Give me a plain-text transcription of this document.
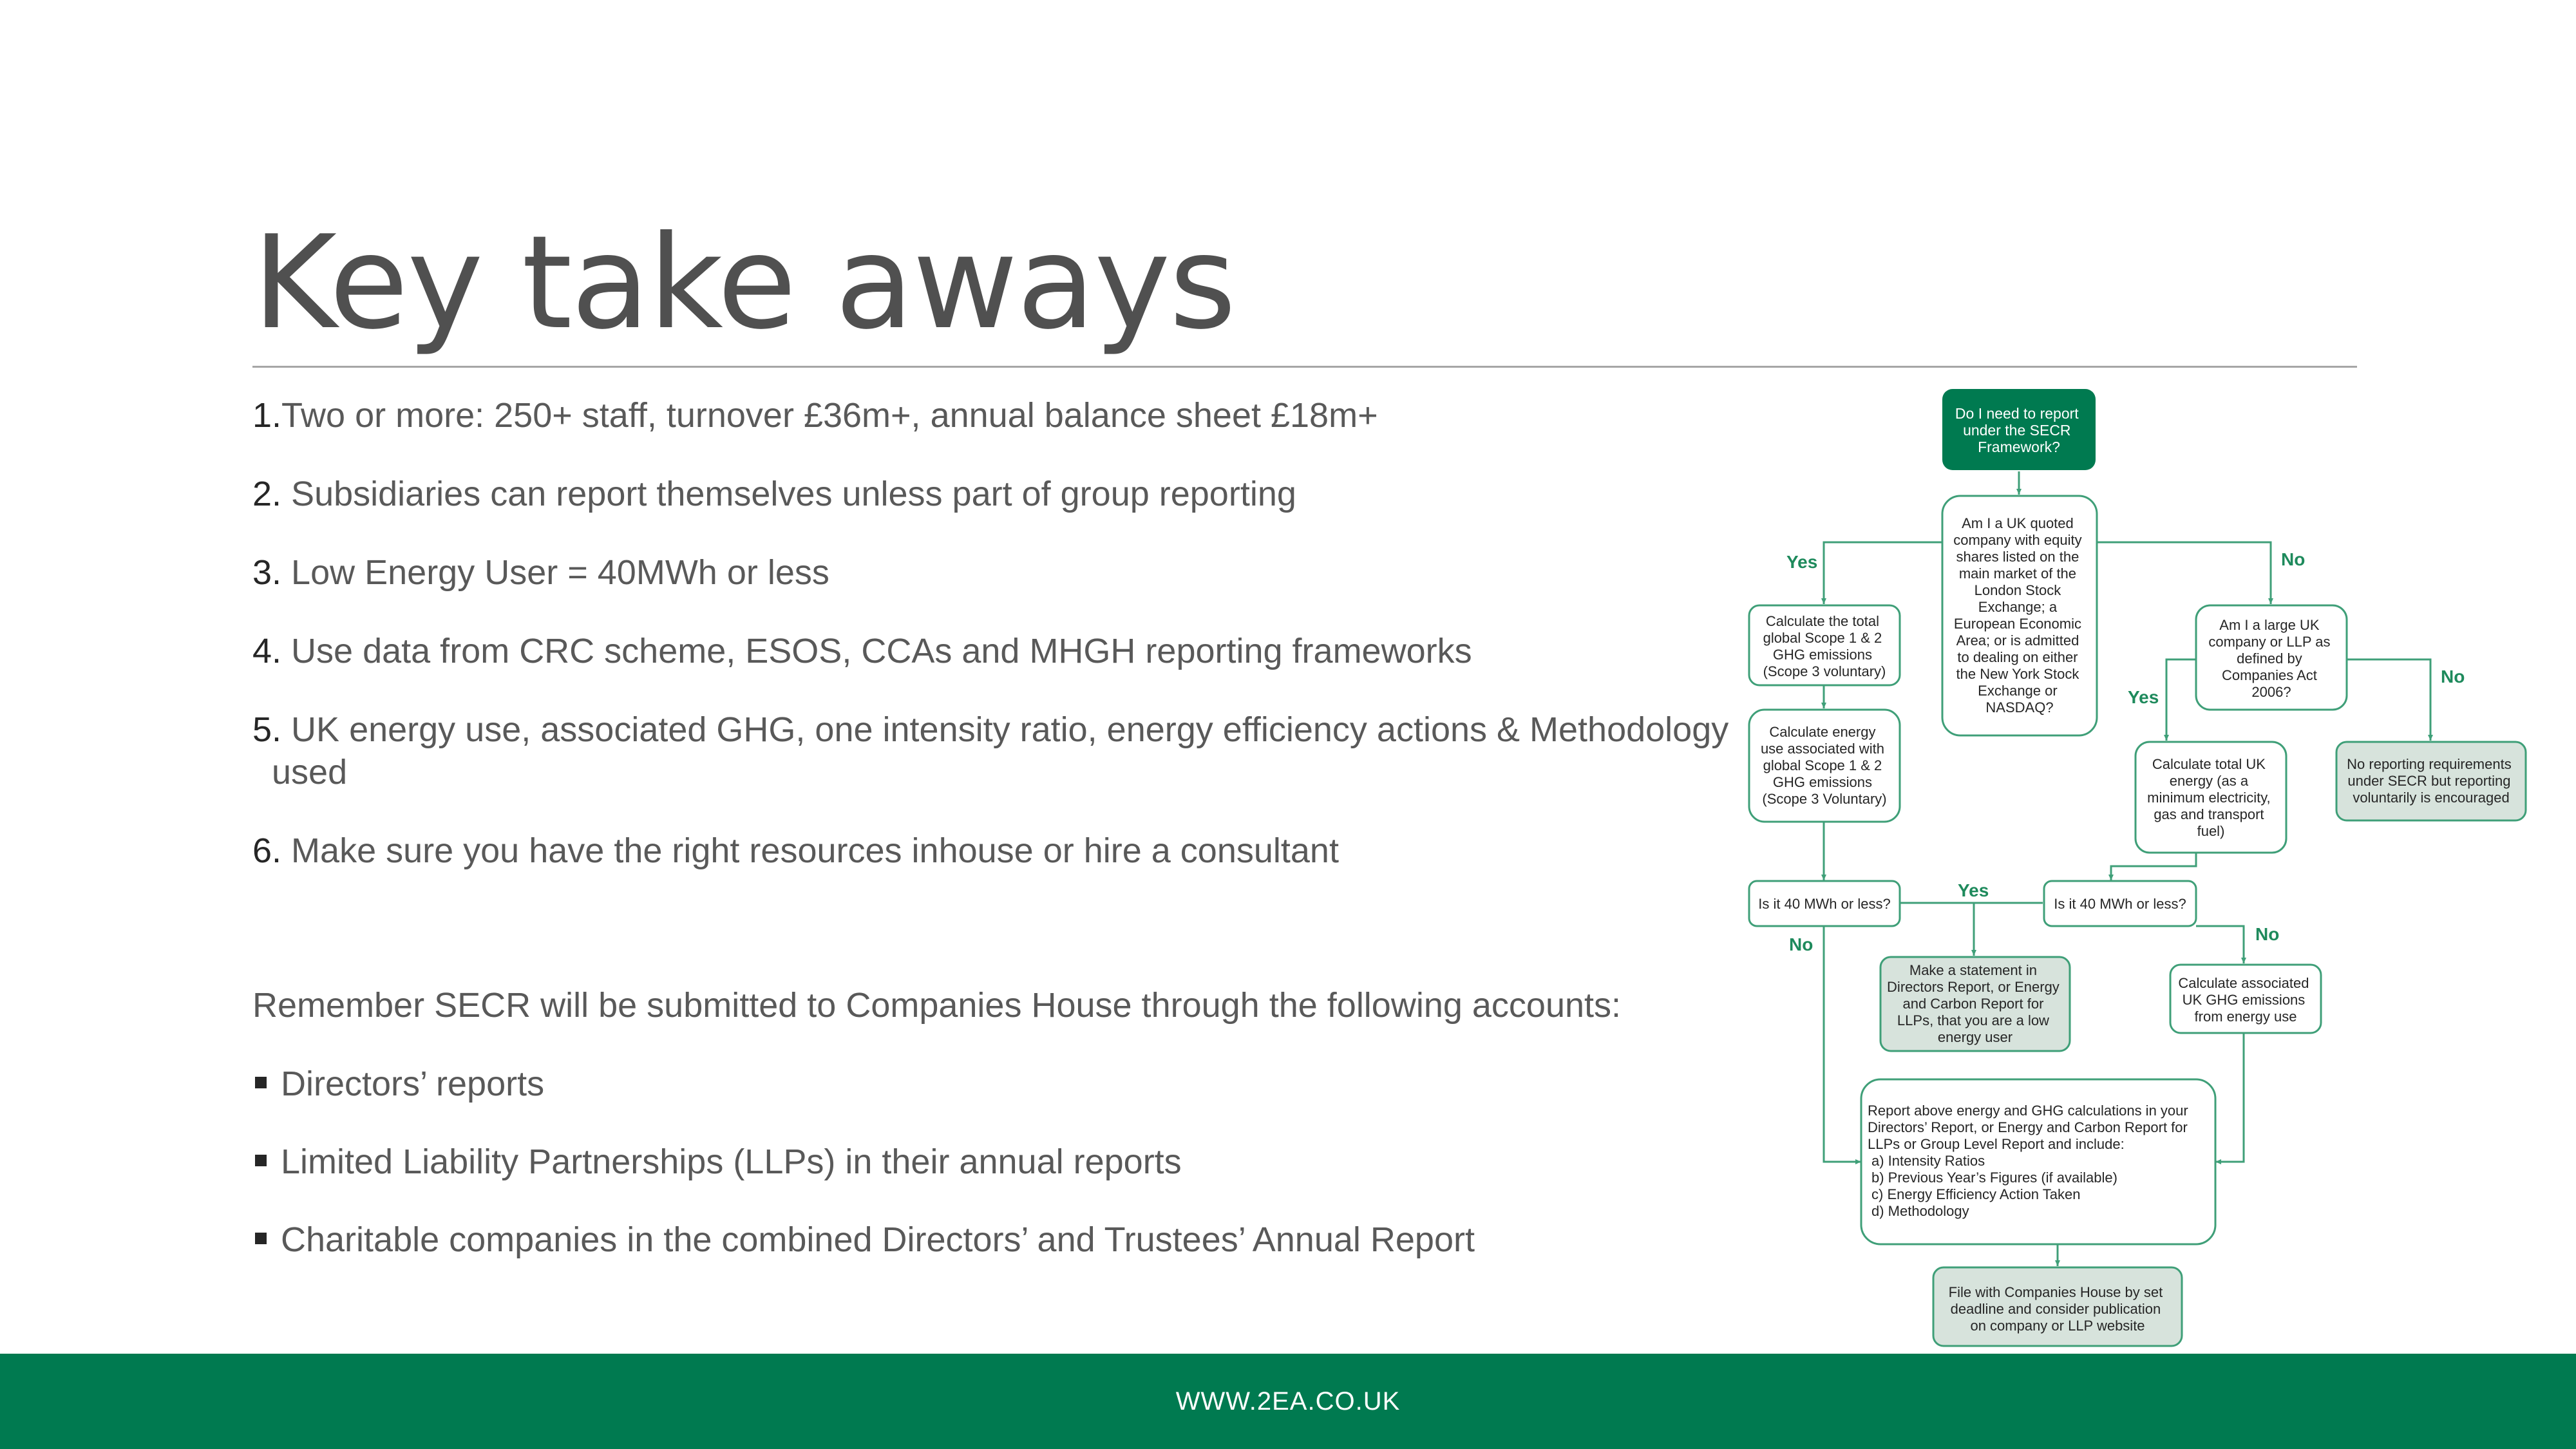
Key take aways
1.Two or more: 250+ staff, turnover £36m+, annual balance sheet £18m+
2. Subsidiaries can report themselves unless part of group reporting
3. Low Energy User = 40MWh or less
4. Use data from CRC scheme, ESOS, CCAs and MHGH reporting frameworks
5. UK energy use, associated GHG, one intensity ratio, energy efficiency actions & Methodology
used
6. Make sure you have the right resources inhouse or hire a consultant

Remember SECR will be submitted to Companies House through the following accounts:

Directors’ reports
Limited Liability Partnerships (LLPs) in their annual reports
Charitable companies in the combined Directors’ and Trustees’ Annual Report
Do I need to report under the SECR Framework?
Am I a UK quoted company with equity shares listed on the main market of the London Stock Exchange; a European Economic Area; or is admitted to dealing on either the New York Stock Exchange or NASDAQ?
Calculate the total global Scope 1 & 2 GHG emissions (Scope 3 voluntary)
Calculate energy use associated with global Scope 1 & 2 GHG emissions (Scope 3 Voluntary)
Am I a large UK company or LLP as defined by Companies Act 2006?
No reporting requirements under SECR but reporting voluntarily is encouraged
Calculate total UK energy (as a minimum electricity, gas and transport fuel)
Is it 40 MWh or less?	Is it 40 MWh or less?
Make a statement in Directors Report, or Energy and Carbon Report for LLPs, that you are a low energy user
Calculate associated UK GHG emissions from energy use
Report above energy and GHG calculations in your Directors’ Report, or Energy and Carbon Report for LLPs or Group Level Report and include: a) Intensity Ratios b) Previous Year’s Figures (if available) c) Energy Efficiency Action Taken d) Methodology
File with Companies House by set deadline and consider publication on company or LLP website
Yes	No
Yes
No
Yes
No
No
WWW.2EA.CO.UK
